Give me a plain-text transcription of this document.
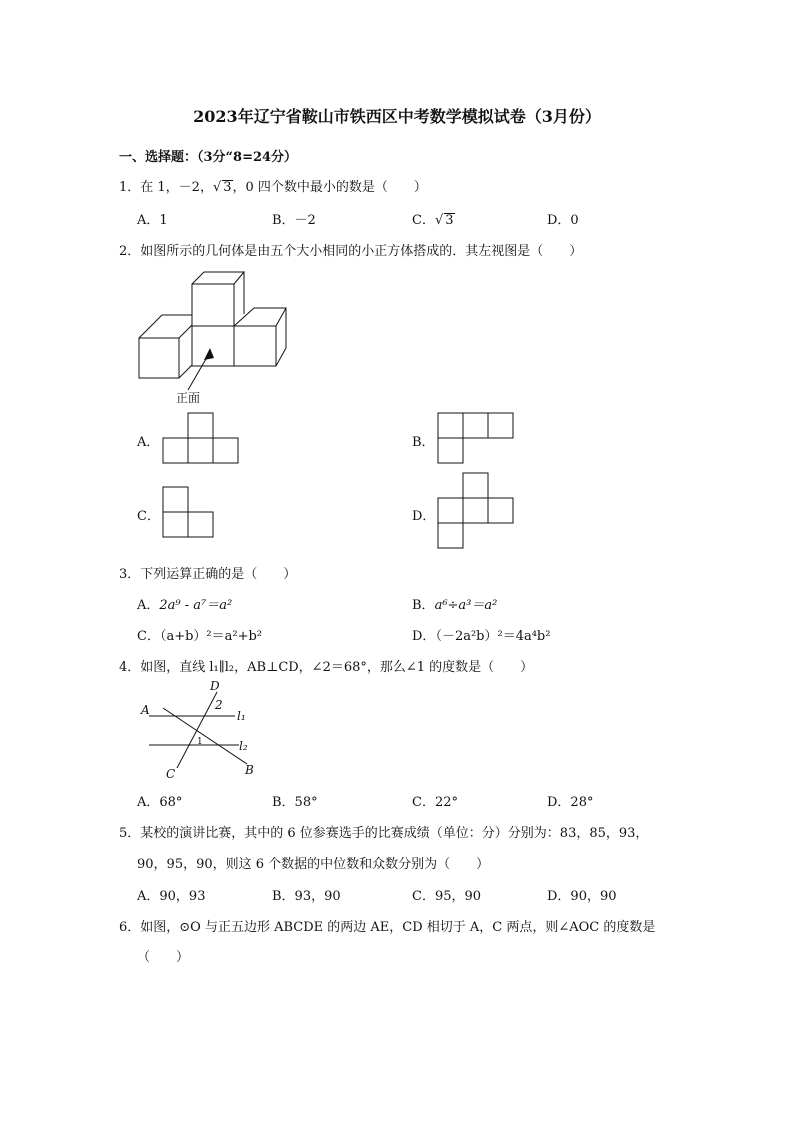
2023年辽宁省鞍山市铁西区中考数学模拟试卷（3月份）
一、选择题：（3分“8=24分）
1．在 1，－2，√ 3，0 四个数中最小的数是（　　）
A．1	B．－2	C．√ 3	D．0
2．如图所示的几何体是由五个大小相同的小正方体搭成的．其左视图是（　　）
正面
A．	B．
C．	D．
3．下列运算正确的是（　　）
A．2a⁹ - a⁷＝a²	B．a⁶÷a³＝a²
C．（a+b）²＝a²+b²	D．（－2a²b）²＝4a⁴b²
4．如图，直线 l₁∥l₂，AB⊥CD，∠2＝68°，那么∠1 的度数是（　　）
A
B
C
D
l₁
l₂
2
1
A．68°	B．58°	C．22°	D．28°
5．某校的演讲比赛，其中的 6 位参赛选手的比赛成绩（单位：分）分别为：83，85，93，
90，95，90，则这 6 个数据的中位数和众数分别为（　　）
A．90，93	B．93，90	C．95，90	D．90，90
6．如图，⊙O 与正五边形 ABCDE 的两边 AE，CD 相切于 A，C 两点，则∠AOC 的度数是
（　　）
